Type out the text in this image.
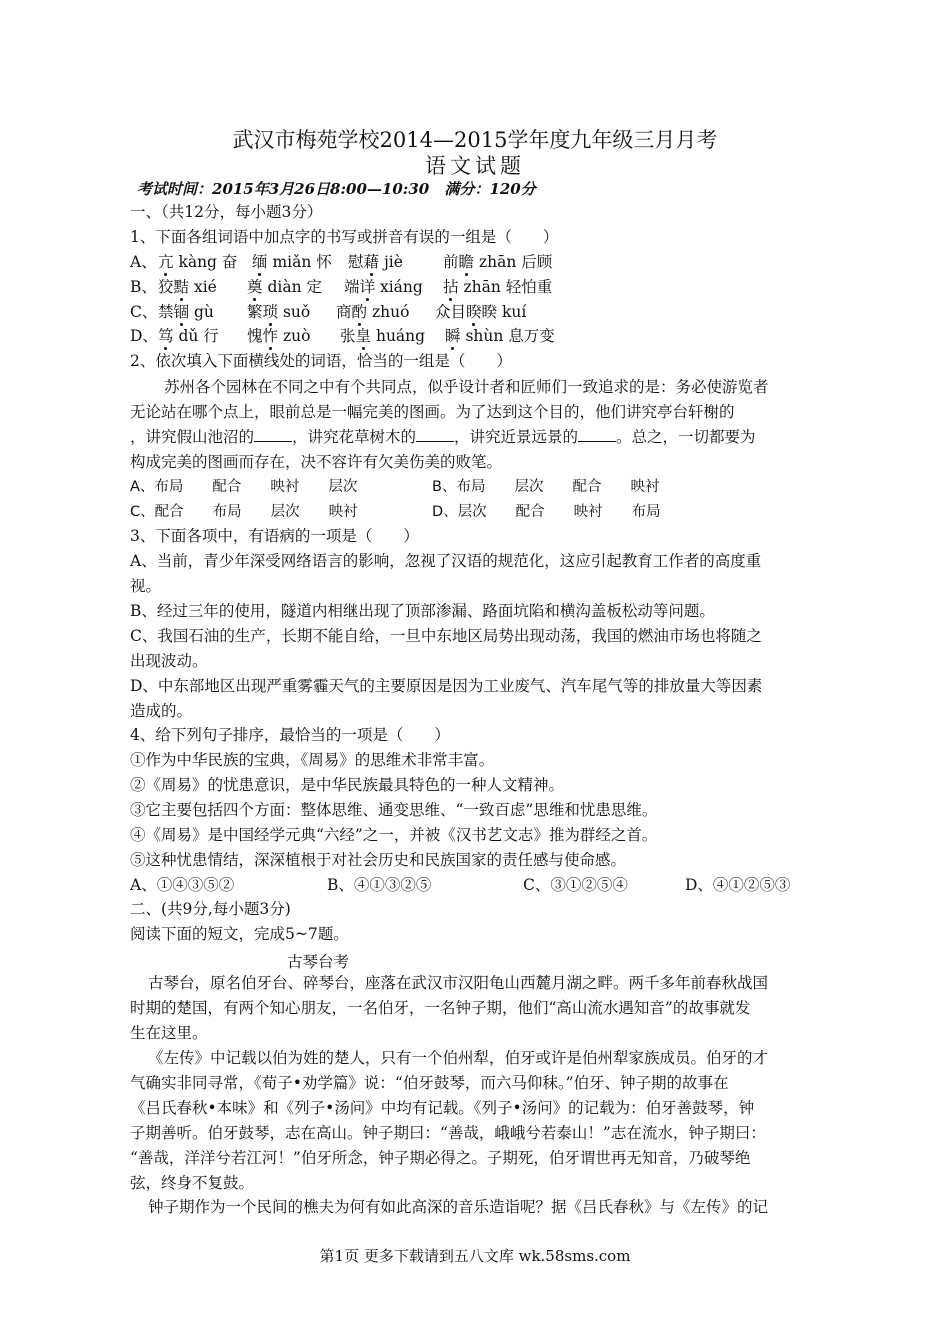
武汉市梅苑学校2014—2015学年度九年级三月月考
语文试题
考试时间：2015年3月26日8:00—10:30 满分：120分
一、（共12分，每小题3分）
1、下面各组词语中加点字的书写或拼音有误的一组是（　　）
A、 亢 kàng 奋 缅 miǎn 怀 慰藉 jiè	前瞻 zhān 后顾
B、 狡黠 xié 奠 diàn 定 端详 xiáng 拈 zhān 轻怕重
C、 禁锢 gù 繁琐 suǒ 商酌 zhuó 众目睽睽 kuí
D、 笃 dǔ 行 愧怍 zuò 张皇 huáng 瞬 shùn 息万变
2、依次填入下面横线处的词语，恰当的一组是（　　）
苏州各个园林在不同之中有个共同点，似乎设计者和匠师们一致追求的是：务必使游览者
无论站在哪个点上，眼前总是一幅完美的图画。为了达到这个目的，他们讲究亭台轩榭的
，讲究假山池沼的 ，讲究花草树木的 ，讲究近景远景的 。总之，一切都要为
构成完美的图画而存在，决不容许有欠美伤美的败笔。
A、布局　　配合　　映衬　　层次	B、布局　　层次　　配合　　映衬
C、配合　　布局　　层次　　映衬	D、层次　　配合　　映衬　　布局
3、下面各项中，有语病的一项是（　　）
A、当前，青少年深受网络语言的影响，忽视了汉语的规范化，这应引起教育工作者的高度重
视。
B、经过三年的使用，隧道内相继出现了顶部渗漏、路面坑陷和横沟盖板松动等问题。
C、我国石油的生产，长期不能自给，一旦中东地区局势出现动荡，我国的燃油市场也将随之
出现波动。
D、中东部地区出现严重雾霾天气的主要原因是因为工业废气、汽车尾气等的排放量大等因素
造成的。
4、给下列句子排序，最恰当的一项是（　　）
①作为中华民族的宝典，《周易》的思维术非常丰富。
②《周易》的忧患意识，是中华民族最具特色的一种人文精神。
③它主要包括四个方面：整体思维、通变思维、“一致百虑”思维和忧患思维。
④《周易》是中国经学元典“六经”之一，并被《汉书艺文志》推为群经之首。
⑤这种忧患情结，深深植根于对社会历史和民族国家的责任感与使命感。
A、①④③⑤②	B、④①③②⑤	C、③①②⑤④	D、④①②⑤③
二、(共9分,每小题3分)
阅读下面的短文，完成5~7题。
古琴台考
古琴台，原名伯牙台、碎琴台，座落在武汉市汉阳龟山西麓月湖之畔。两千多年前春秋战国
时期的楚国，有两个知心朋友，一名伯牙，一名钟子期，他们“高山流水遇知音”的故事就发
生在这里。
《左传》中记载以伯为姓的楚人，只有一个伯州犁，伯牙或许是伯州犁家族成员。伯牙的才
气确实非同寻常，《荀子•劝学篇》说：“伯牙鼓琴，而六马仰秣。”伯牙、钟子期的故事在
《吕氏春秋•本味》和《列子•汤问》中均有记载。《列子•汤问》的记载为：伯牙善鼓琴，钟
子期善听。伯牙鼓琴，志在高山。钟子期曰：“善哉，峨峨兮若泰山！”志在流水，钟子期曰：
“善哉，洋洋兮若江河！”伯牙所念，钟子期必得之。子期死，伯牙谓世再无知音，乃破琴绝
弦，终身不复鼓。
钟子期作为一个民间的樵夫为何有如此高深的音乐造诣呢？据《吕氏春秋》与《左传》的记
第1页 更多下载请到五八文库 wk.58sms.com
